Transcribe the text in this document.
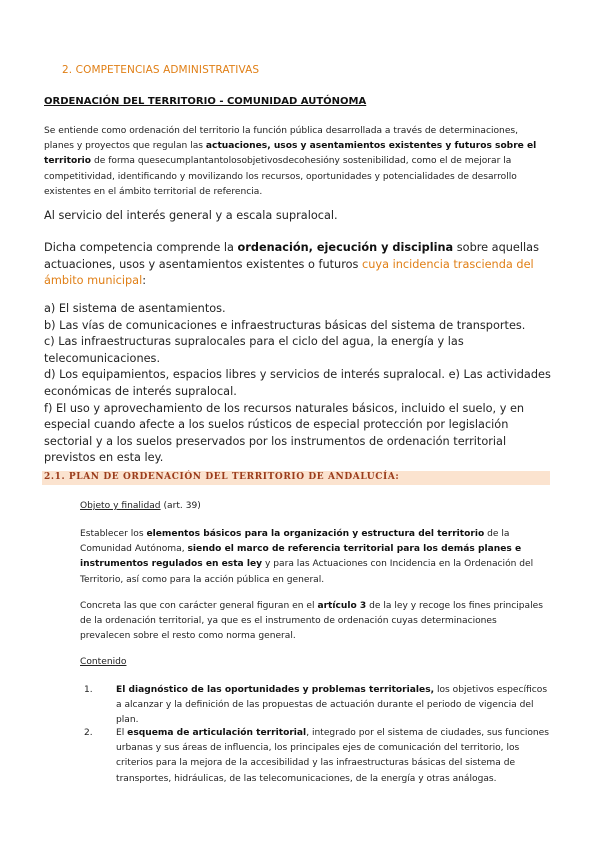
2. COMPETENCIAS ADMINISTRATIVAS
ORDENACIÓN DEL TERRITORIO - COMUNIDAD AUTÓNOMA
Se entiende como ordenación del territorio la función pública desarrollada a través de determinaciones, planes y proyectos que regulan las actuaciones, usos y asentamientos existentes y futuros sobre el territorio de forma quesecumplantantolosobjetivosdecohesióny sostenibilidad, como el de mejorar la competitividad, identificando y movilizando los recursos, oportunidades y potencialidades de desarrollo existentes en el ámbito territorial de referencia.
Al servicio del interés general y a escala supralocal.
Dicha competencia comprende la ordenación, ejecución y disciplina sobre aquellas actuaciones, usos y asentamientos existentes o futuros cuya incidencia trascienda del ámbito municipal:
a) El sistema de asentamientos.
b) Las vías de comunicaciones e infraestructuras básicas del sistema de transportes.
c) Las infraestructuras supralocales para el ciclo del agua, la energía y las telecomunicaciones.
d) Los equipamientos, espacios libres y servicios de interés supralocal. e) Las actividades económicas de interés supralocal.
f) El uso y aprovechamiento de los recursos naturales básicos, incluido el suelo, y en especial cuando afecte a los suelos rústicos de especial protección por legislación sectorial y a los suelos preservados por los instrumentos de ordenación territorial previstos en esta ley.
2.1. PLAN DE ORDENACIÓN DEL TERRITORIO DE ANDALUCÍA:
Objeto y finalidad (art. 39)
Establecer los elementos básicos para la organización y estructura del territorio de la Comunidad Autónoma, siendo el marco de referencia territorial para los demás planes e instrumentos regulados en esta ley y para las Actuaciones con Incidencia en la Ordenación del Territorio, así como para la acción pública en general.
Concreta las que con carácter general figuran en el artículo 3 de la ley y recoge los fines principales de la ordenación territorial, ya que es el instrumento de ordenación cuyas determinaciones prevalecen sobre el resto como norma general.
Contenido
1.	El diagnóstico de las oportunidades y problemas territoriales, los objetivos específicos a alcanzar y la definición de las propuestas de actuación durante el periodo de vigencia del plan.
2.	El esquema de articulación territorial, integrado por el sistema de ciudades, sus funciones urbanas y sus áreas de influencia, los principales ejes de comunicación del territorio, los criterios para la mejora de la accesibilidad y las infraestructuras básicas del sistema de transportes, hidráulicas, de las telecomunicaciones, de la energía y otras análogas.
